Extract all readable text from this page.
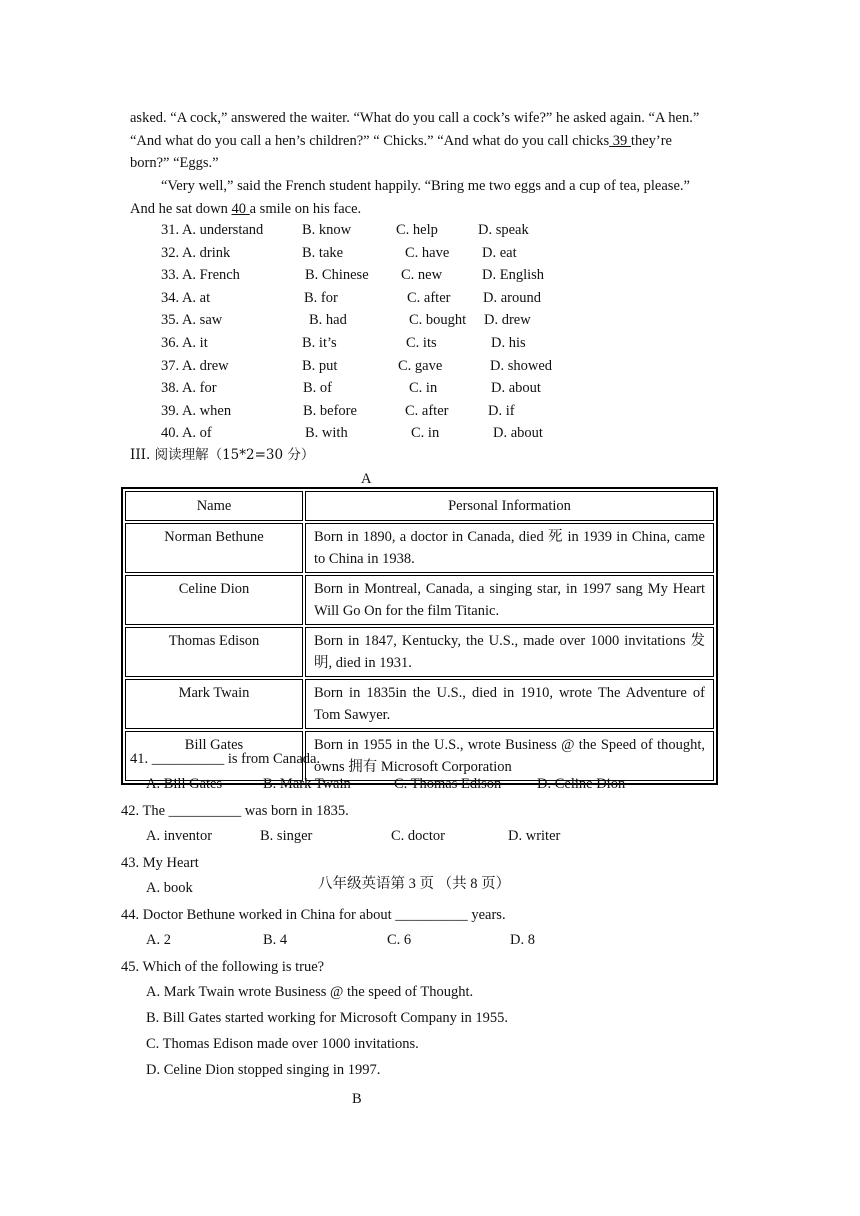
asked. “A cock,” answered the waiter. “What do you call a cock’s wife?” he asked again. “A hen.”
“And what do you call a hen’s children?” “ Chicks.” “And what do you call chicks 39 they’re
born?” “Eggs.”
“Very well,” said the French student happily. “Bring me two eggs and a cup of tea, please.”
And he sat down 40 a smile on his face.
31. A. understand	B. know	C. help	D. speak
32. A. drink	B. take	C. have D. eat
33. A. French	B. Chinese C. new	D. English
34. A. at	B. for	C. after D. around
35. A. saw	B. had	C. bought D. drew
36. A. it	B. it’s	C. its	D. his
37. A. drew	B. put	C. gave	D. showed
38. A. for	B. of	C. in	D. about
39. A. when	B. before	C. after	D. if
40. A. of	B. with	C. in	D. about
III. 阅读理解（15*2=30 分）
A
Name	Personal Information
Norman Bethune	Born in 1890, a doctor in Canada, died 死 in 1939 in China, came to China in 1938.
Celine Dion	Born in Montreal, Canada, a singing star, in 1997 sang My Heart Will Go On for the film Titanic.
Thomas Edison	Born in 1847, Kentucky, the U.S., made over 1000 invitations 发明, died in 1931.
Mark Twain	Born in 1835in the U.S., died in 1910, wrote The Adventure of Tom Sawyer.
Bill Gates	Born in 1955 in the U.S., wrote Business @ the Speed of thought, owns 拥有 Microsoft Corporation
41. __________ is from Canada.
A. Bill Gates	B. Mark Twain	C. Thomas Edison D. Celine Dion
42. The __________ was born in 1835.
A. inventor	B. singer	C. doctor	D. writer
43. My Heart
A. book	八年级英语第 3 页 （共 8 页）
44. Doctor Bethune worked in China for about __________ years.
A. 2	B. 4	C. 6	D. 8
45. Which of the following is true?
A. Mark Twain wrote Business @ the speed of Thought.
B. Bill Gates started working for Microsoft Company in 1955.
C. Thomas Edison made over 1000 invitations.
D. Celine Dion stopped singing in 1997.
B
